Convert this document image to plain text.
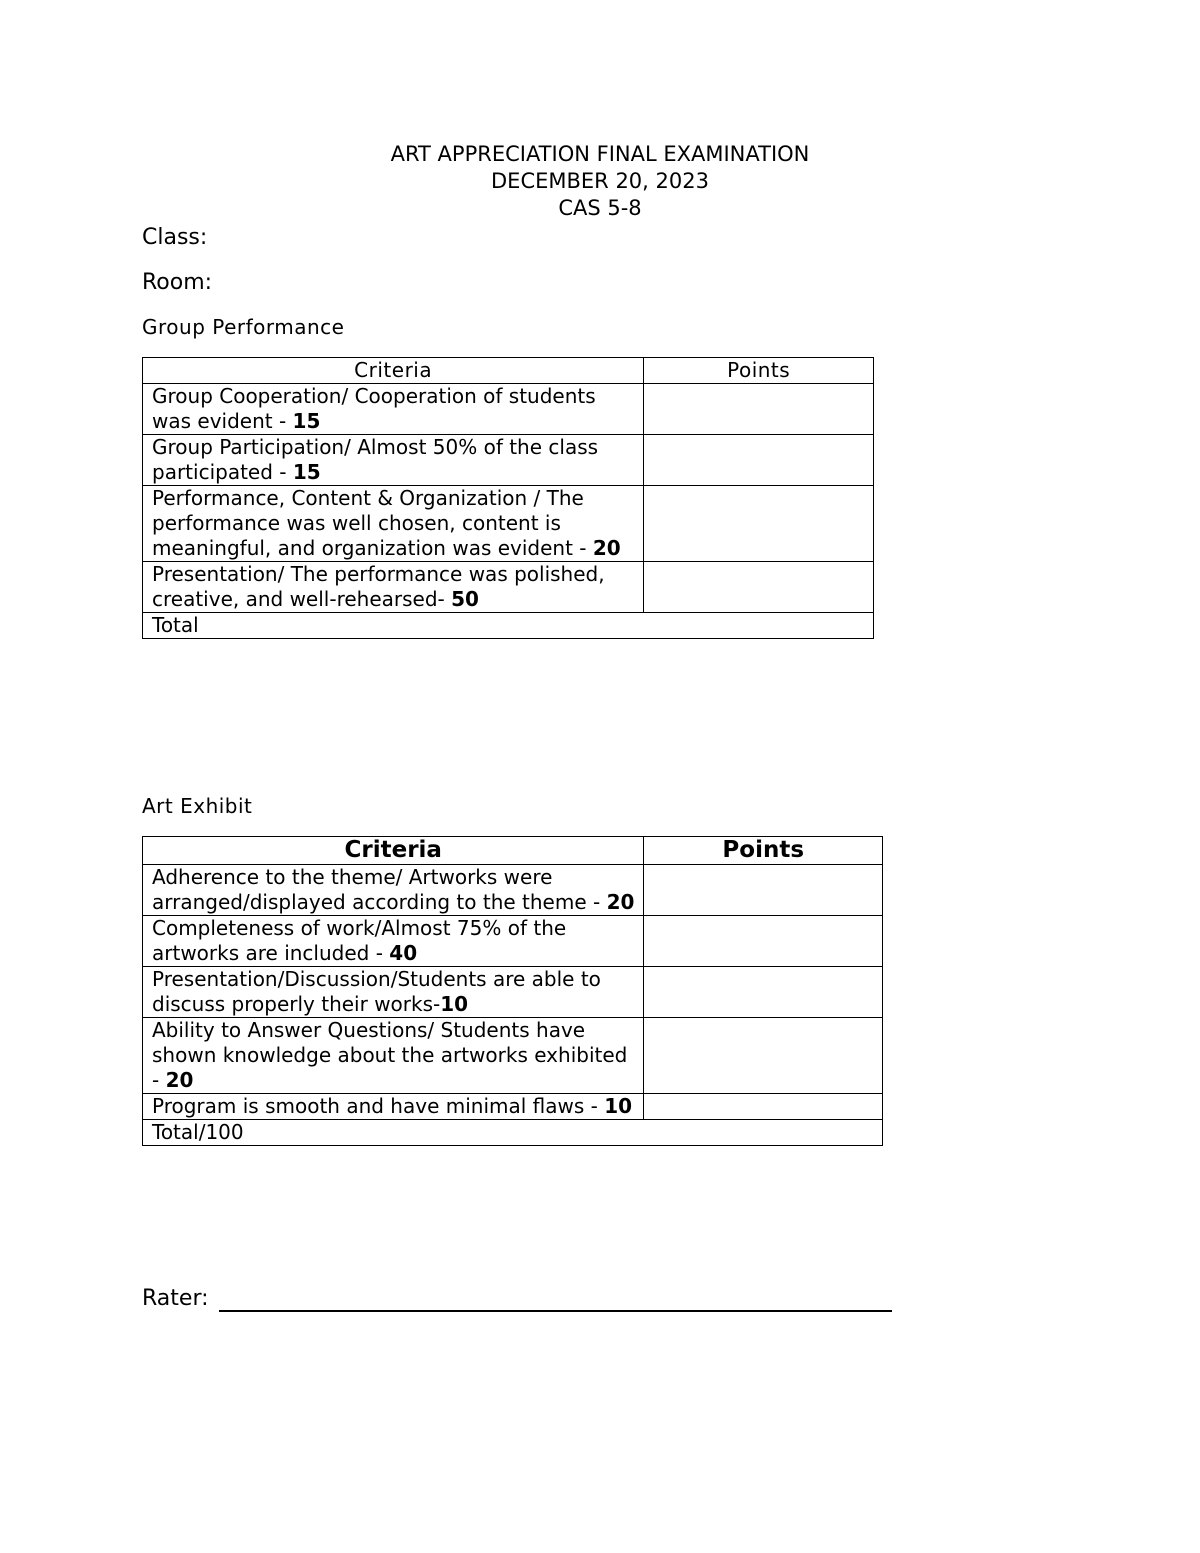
ART APPRECIATION FINAL EXAMINATION
DECEMBER 20, 2023
CAS 5-8
Class:
Room:
Group Performance
Criteria	Points
Group Cooperation/ Cooperation of students was evident - 15	
Group Participation/ Almost 50% of the class participated - 15	
Performance, Content & Organization / The performance was well chosen, content is meaningful, and organization was evident - 20	
Presentation/ The performance was polished, creative, and well-rehearsed- 50	
Total	
Art Exhibit
Criteria	Points
Adherence to the theme/ Artworks were arranged/displayed according to the theme - 20	
Completeness of work/Almost 75% of the artworks are included - 40	
Presentation/Discussion/Students are able to discuss properly their works-10	
Ability to Answer Questions/ Students have shown knowledge about the artworks exhibited - 20	
Program is smooth and have minimal flaws - 10	
Total/100	
Rater:
